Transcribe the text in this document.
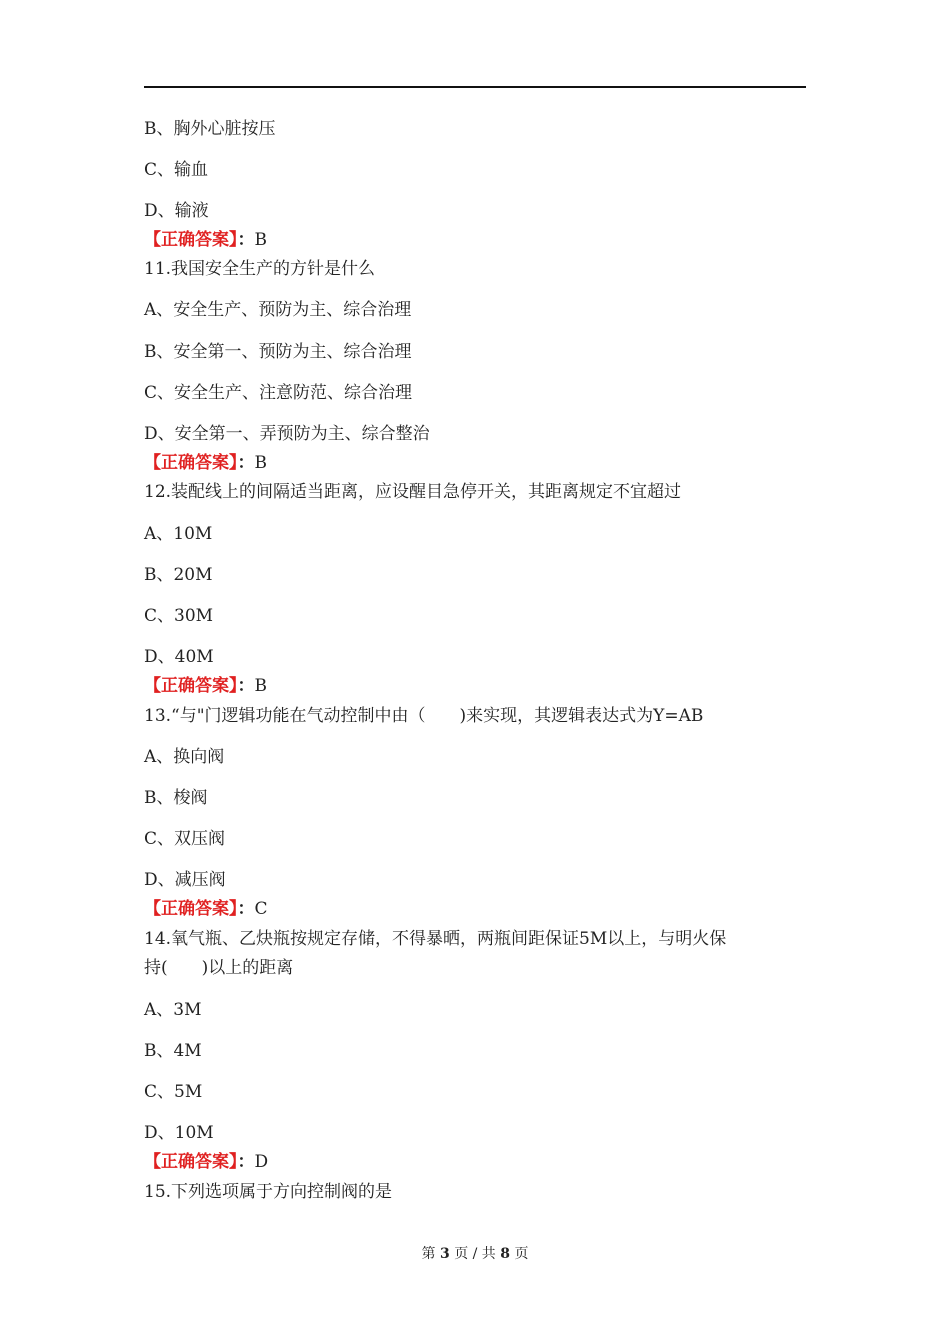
B、胸外心脏按压
C、输血
D、输液
【正确答案】：B
11.我国安全生产的方针是什么
A、安全生产、预防为主、综合治理
B、安全第一、预防为主、综合治理
C、安全生产、注意防范、综合治理
D、安全第一、弄预防为主、综合整治
【正确答案】：B
12.装配线上的间隔适当距离，应设醒目急停开关，其距离规定不宜超过
A、10M
B、20M
C、30M
D、40M
【正确答案】：B
13.“与"门逻辑功能在气动控制中由（　　)来实现，其逻辑表达式为Y=AB
A、换向阀
B、梭阀
C、双压阀
D、减压阀
【正确答案】：C
14.氧气瓶、乙炔瓶按规定存储，不得暴晒，两瓶间距保证5M以上，与明火保
持(　　)以上的距离
A、3M
B、4M
C、5M
D、10M
【正确答案】：D
15.下列选项属于方向控制阀的是
第 3 页 / 共 8 页
